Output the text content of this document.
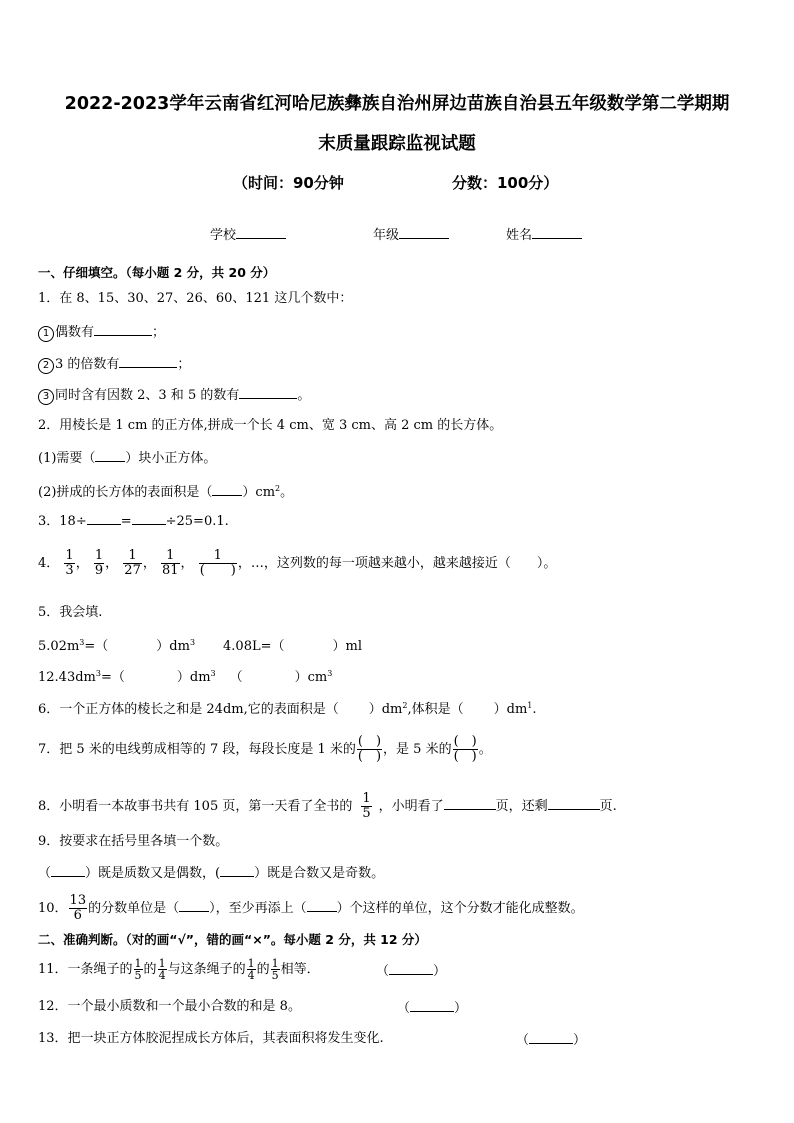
2022-2023学年云南省红河哈尼族彝族自治州屏边苗族自治县五年级数学第二学期期
末质量跟踪监视试题
（时间：90分钟	分数：100分）
学校	年级	姓名
一、仔细填空。（每小题 2 分，共 20 分）
1．在 8、15、30、27、26、60、121 这几个数中：
1 偶数有	；
2 3 的倍数有	；
3 同时含有因数 2、3 和 5 的数有	。
2．用棱长是 1 cm 的正方体,拼成一个长 4 cm、宽 3 cm、高 2 cm 的长方体。
(1)需要（ ）块小正方体。
(2)拼成的长方体的表面积是（ ）$cm^2$。
3．18÷	=	÷25=0.1.
4． $\frac{1}{3}$ ， $\frac{1}{9}$ ， $\frac{1}{27}$ ， $\frac{1}{81}$ ， $\frac{1}{( )}$ ，…，这列数的每一项越来越小，越来越接近（　　）。
5．我会填.
$5.02m^3=$（	）$dm^3$ 4.08L=（	）ml
$12.43dm^3=$（	）$dm^3$ （	）$cm^3$
6．一个正方体的棱长之和是 24dm,它的表面积是（ ）$dm^2$,体积是（ ）$dm^1$.
7．把 5 米的电线剪成相等的 7 段，每段长度是 1 米的 $\frac{( )}{( )}$ ，是 5 米的 $\frac{( )}{( )}$ 。
8．小明看一本故事书共有 105 页，第一天看了全书的 $\frac{1}{5}$ ，小明看了	页，还剩	页.
9．按要求在括号里各填一个数。
（	）既是质数又是偶数，(	）既是合数又是奇数。
10． $\frac{13}{6}$ 的分数单位是（ ），至少再添上（ ）个这样的单位，这个分数才能化成整数。
二、准确判断。（对的画“√”，错的画“×”。每小题 2 分，共 12 分）
11．一条绳子的 $\frac{1}{5}$ 的 $\frac{1}{4}$ 与这条绳子的 $\frac{1}{4}$ 的 $\frac{1}{5}$ 相等．	（	）
12．一个最小质数和一个最小合数的和是 8。	（	）
13．把一块正方体胶泥捏成长方体后，其表面积将发生变化.	（	）
